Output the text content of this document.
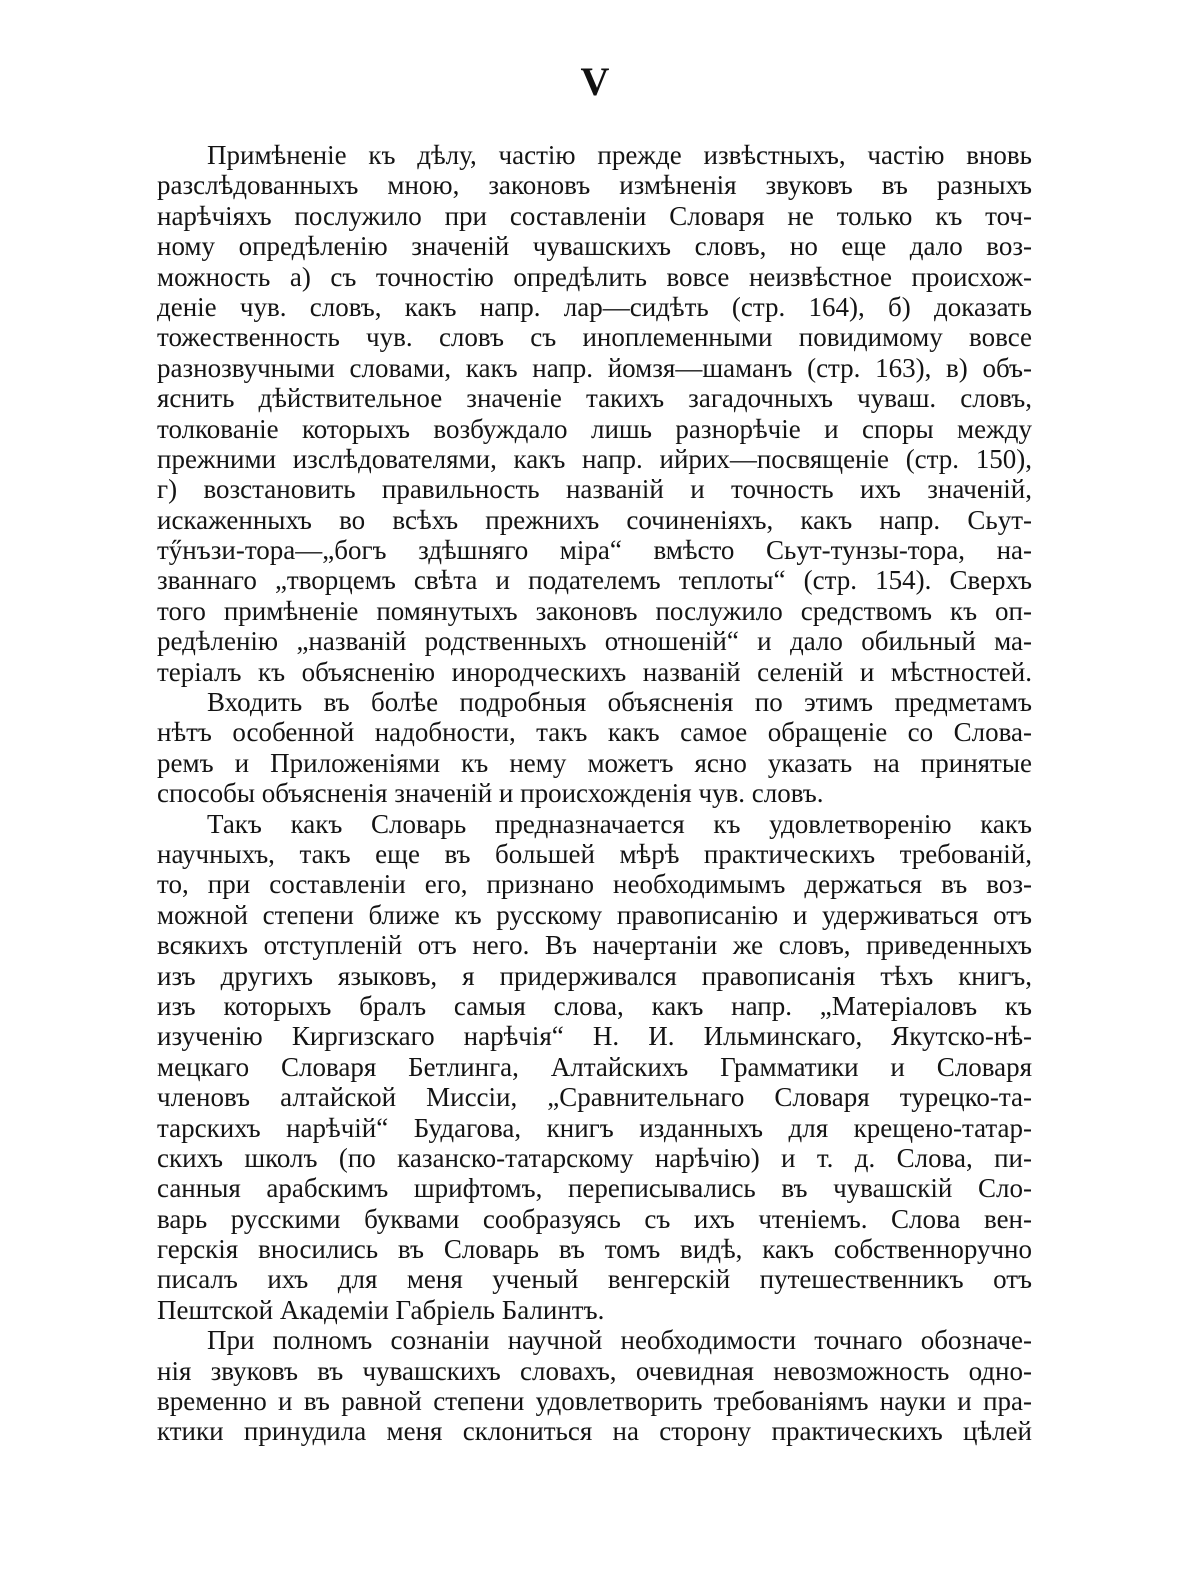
V
Примѣненіе къ дѣлу, частію прежде извѣстныхъ, частію вновь
разслѣдованныхъ мною, законовъ измѣненія звуковъ въ разныхъ
нарѣчіяхъ послужило при составленіи Словаря не только къ точ-
ному опредѣленію значеній чувашскихъ словъ, но еще дало воз-
можность а) съ точностію опредѣлить вовсе неизвѣстное происхож-
деніе чув. словъ, какъ напр. лар—сидѣть (стр. 164), б) доказать
тожественность чув. словъ съ иноплеменными повидимому вовсе
разнозвучными словами, какъ напр. йомзя—шаманъ (стр. 163), в) объ-
яснить дѣйствительное значеніе такихъ загадочныхъ чуваш. словъ,
толкованіе которыхъ возбуждало лишь разнорѣчіе и споры между
прежними изслѣдователями, какъ напр. ийрих—посвященіе (стр. 150),
г) возстановить правильность названій и точность ихъ значеній,
искаженныхъ во всѣхъ прежнихъ сочиненіяхъ, какъ напр. Сьут-
тӳнъзи-тора—„богъ здѣшняго міра“ вмѣсто Сьут-тунзы-тора, на-
званнаго „творцемъ свѣта и подателемъ теплоты“ (стр. 154). Сверхъ
того примѣненіе помянутыхъ законовъ послужило средствомъ къ оп-
редѣленію „названій родственныхъ отношеній“ и дало обильный ма-
теріалъ къ объясненію инородческихъ названій селеній и мѣстностей.
Входить въ болѣе подробныя объясненія по этимъ предметамъ
нѣтъ особенной надобности, такъ какъ самое обращеніе со Слова-
ремъ и Приложеніями къ нему можетъ ясно указать на принятые
способы объясненія значеній и происхожденія чув. словъ.
Такъ какъ Словарь предназначается къ удовлетворенію какъ
научныхъ, такъ еще въ большей мѣрѣ практическихъ требованій,
то, при составленіи его, признано необходимымъ держаться въ воз-
можной степени ближе къ русскому правописанію и удерживаться отъ
всякихъ отступленій отъ него. Въ начертаніи же словъ, приведенныхъ
изъ другихъ языковъ, я придерживался правописанія тѣхъ книгъ,
изъ которыхъ бралъ самыя слова, какъ напр. „Матеріаловъ къ
изученію Киргизскаго нарѣчія“ Н. И. Ильминскаго, Якутско-нѣ-
мецкаго Словаря Бетлинга, Алтайскихъ Грамматики и Словаря
членовъ алтайской Миссіи, „Сравнительнаго Словаря турецко-та-
тарскихъ нарѣчій“ Будагова, книгъ изданныхъ для крещено-татар-
скихъ школъ (по казанско-татарскому нарѣчію) и т. д. Слова, пи-
санныя арабскимъ шрифтомъ, переписывались въ чувашскій Сло-
варь русскими буквами сообразуясь съ ихъ чтеніемъ. Слова вен-
герскія вносились въ Словарь въ томъ видѣ, какъ собственноручно
писалъ ихъ для меня ученый венгерскій путешественникъ отъ
Пештской Академіи Габріель Балинтъ.
При полномъ сознаніи научной необходимости точнаго обозначе-
нія звуковъ въ чувашскихъ словахъ, очевидная невозможность одно-
временно и въ равной степени удовлетворить требованіямъ науки и пра-
ктики принудила меня склониться на сторону практическихъ цѣлей
